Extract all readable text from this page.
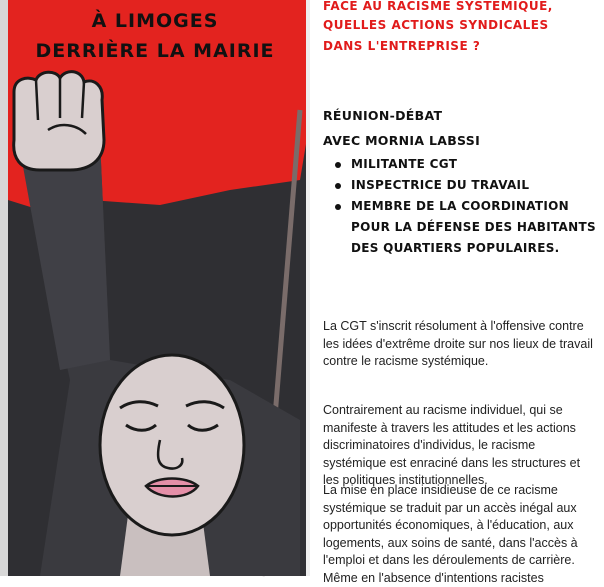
À LIMOGES
DERRIÈRE LA MAIRIE
FACE AU RACISME SYSTÉMIQUE,
QUELLES ACTIONS SYNDICALES
DANS L'ENTREPRISE ?
RÉUNION-DÉBAT
AVEC MORNIA LABSSI
MILITANTE CGT
INSPECTRICE DU TRAVAIL
MEMBRE DE LA COORDINATION POUR LA DÉFENSE DES HABITANTS DES QUARTIERS POPULAIRES.

La CGT s'inscrit résolument à l'offensive contre les idées d'extrême droite sur nos lieux de travail contre le racisme systémique.

Contrairement au racisme individuel, qui se manifeste à travers les attitudes et les actions discriminatoires d'individus, le racisme systémique est enraciné dans les structures et les politiques institutionnelles.

La mise en place insidieuse de ce racisme systémique se traduit par un accès inégal aux opportunités économiques, à l'éducation, aux logements, aux soins de santé, dans l'accès à l'emploi et dans les déroulements de carrière. Même en l'absence d'intentions racistes
